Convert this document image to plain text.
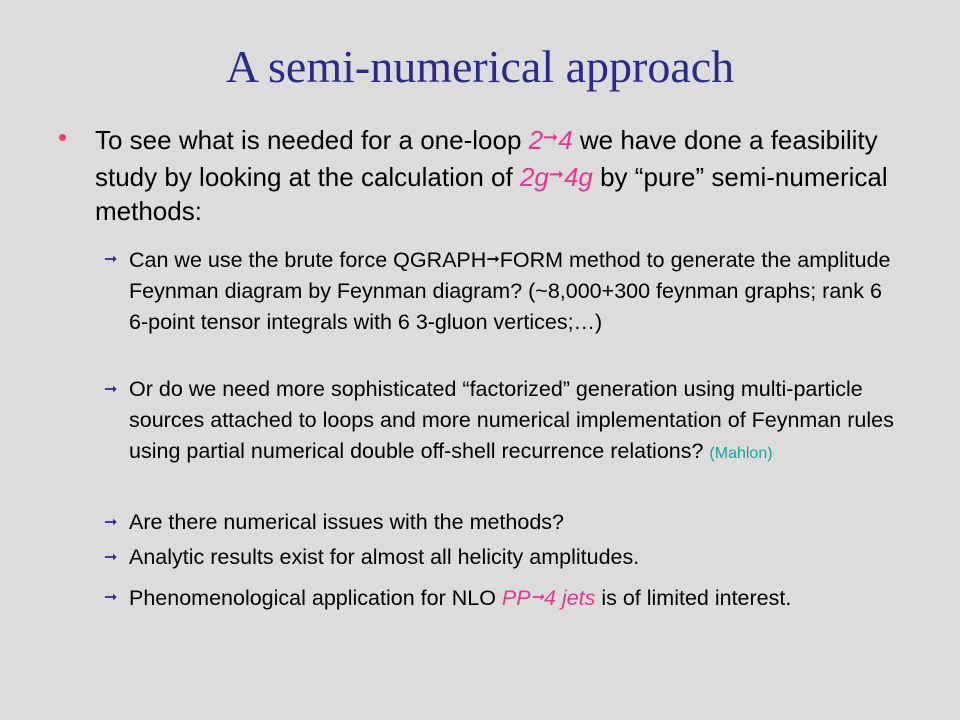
A semi-numerical approach
• To see what is needed for a one-loop 2➞4 we have done a feasibility study by looking at the calculation of 2g➞4g by “pure” semi-numerical methods:
➞ Can we use the brute force QGRAPH➞FORM method to generate the amplitude Feynman diagram by Feynman diagram? (~8,000+300 feynman graphs; rank 6 6-point tensor integrals with 6 3-gluon vertices;…)
➞ Or do we need more sophisticated “factorized” generation using multi-particle sources attached to loops and more numerical implementation of Feynman rules using partial numerical double off-shell recurrence relations? (Mahlon)
➞ Are there numerical issues with the methods?
➞ Analytic results exist for almost all helicity amplitudes.
➞ Phenomenological application for NLO PP➞4 jets is of limited interest.
